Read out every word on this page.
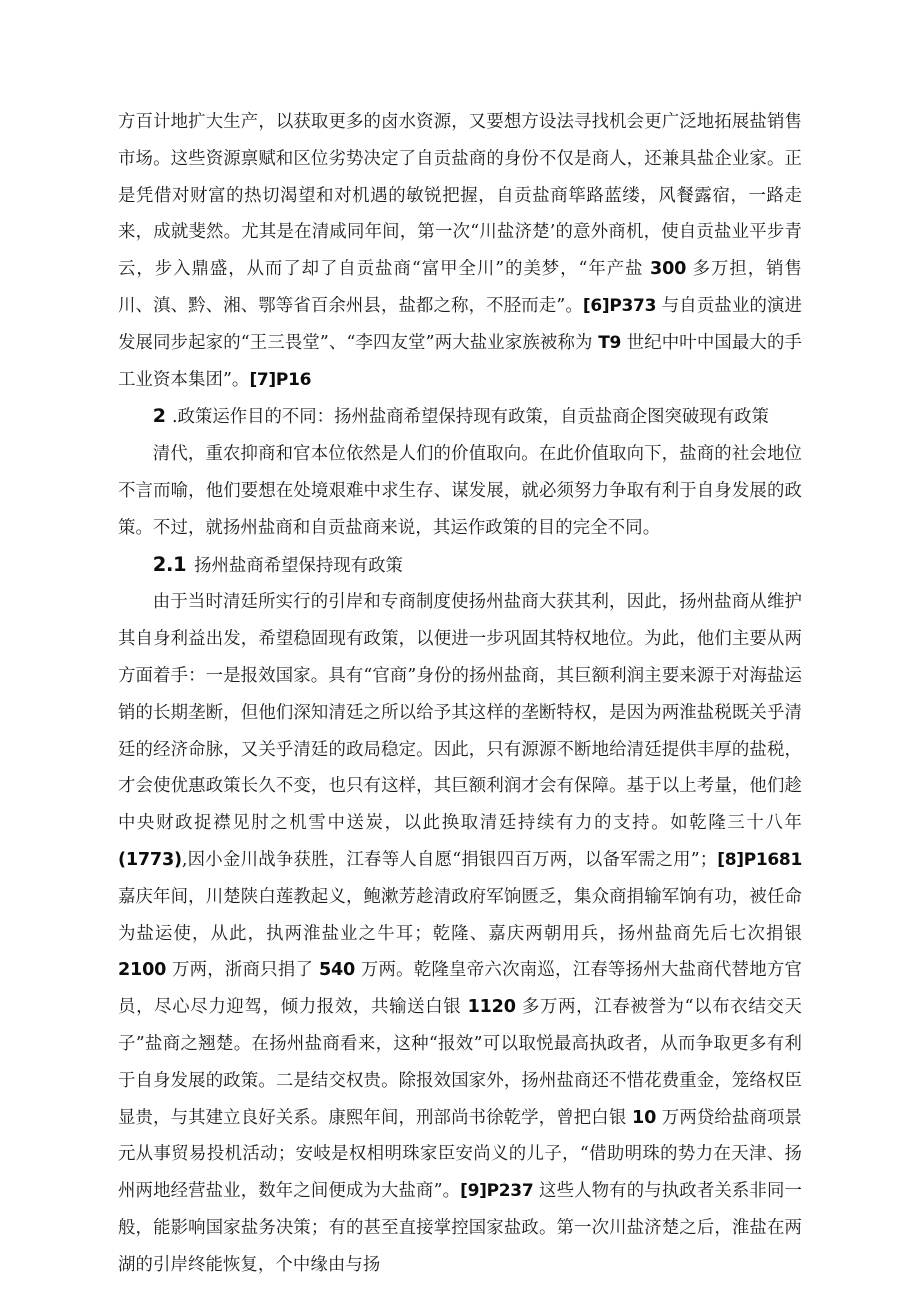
方百计地扩大生产，以获取更多的卤水资源，又要想方设法寻找机会更广泛地拓展盐销售市场。这些资源禀赋和区位劣势决定了自贡盐商的身份不仅是商人，还兼具盐企业家。正是凭借对财富的热切渴望和对机遇的敏锐把握，自贡盐商筚路蓝缕，风餐露宿，一路走来，成就斐然。尤其是在清咸同年间，第一次“川盐济楚’的意外商机，使自贡盐业平步青云，步入鼎盛，从而了却了自贡盐商“富甲全川”的美梦，“年产盐 300 多万担，销售川、滇、黔、湘、鄂等省百余州县，盐都之称，不胫而走”。[6]P373 与自贡盐业的演进发展同步起家的“王三畏堂”、“李四友堂”两大盐业家族被称为 T9 世纪中叶中国最大的手工业资本集团”。[7]P16

2 .政策运作目的不同：扬州盐商希望保持现有政策，自贡盐商企图突破现有政策

清代，重农抑商和官本位依然是人们的价值取向。在此价值取向下，盐商的社会地位不言而喻，他们要想在处境艰难中求生存、谋发展，就必须努力争取有利于自身发展的政策。不过，就扬州盐商和自贡盐商来说，其运作政策的目的完全不同。

2.1 扬州盐商希望保持现有政策

由于当时清廷所实行的引岸和专商制度使扬州盐商大获其利，因此，扬州盐商从维护其自身利益出发，希望稳固现有政策，以便进一步巩固其特权地位。为此，他们主要从两方面着手：一是报效国家。具有“官商”身份的扬州盐商，其巨额利润主要来源于对海盐运销的长期垄断，但他们深知清廷之所以给予其这样的垄断特权，是因为两淮盐税既关乎清廷的经济命脉，又关乎清廷的政局稳定。因此，只有源源不断地给清廷提供丰厚的盐税，才会使优惠政策长久不变，也只有这样，其巨额利润才会有保障。基于以上考量，他们趁中央财政捉襟见肘之机雪中送炭，以此换取清廷持续有力的支持。如乾隆三十八年(1773),因小金川战争获胜，江春等人自愿“捐银四百万两，以备军需之用”；[8]P1681 嘉庆年间，川楚陕白莲教起义，鲍漱芳趁清政府军饷匮乏，集众商捐输军饷有功，被任命为盐运使，从此，执两淮盐业之牛耳；乾隆、嘉庆两朝用兵，扬州盐商先后七次捐银 2100 万两，浙商只捐了 540 万两。乾隆皇帝六次南巡，江春等扬州大盐商代替地方官员，尽心尽力迎驾，倾力报效，共输送白银 1120 多万两，江春被誉为“以布衣结交天子”盐商之翘楚。在扬州盐商看来，这种“报效”可以取悦最高执政者，从而争取更多有利于自身发展的政策。二是结交权贵。除报效国家外，扬州盐商还不惜花费重金，笼络权臣显贵，与其建立良好关系。康熙年间，刑部尚书徐乾学，曾把白银 10 万两贷给盐商项景元从事贸易投机活动；安岐是权相明珠家臣安尚义的儿子，“借助明珠的势力在天津、扬州两地经营盐业，数年之间便成为大盐商”。[9]P237 这些人物有的与执政者关系非同一般，能影响国家盐务决策；有的甚至直接掌控国家盐政。第一次川盐济楚之后，淮盐在两湖的引岸终能恢复，个中缘由与扬
